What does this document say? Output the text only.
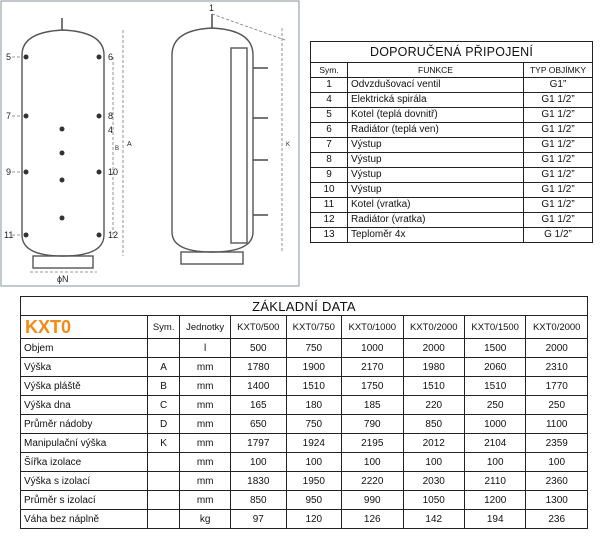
5
7
9
11
6
8
4
10
12
1
ϕN
A
B
K
DOPORUČENÁ PŘIPOJENÍ		
Sym.	FUNKCE	TYP OBJÍMKY
1	Odvzdušovací ventil	G1”
4	Elektrická spirála	G1 1/2”
5	Kotel (teplá dovnitř)	G1 1/2”
6	Radiátor (teplá ven)	G1 1/2”
7	Výstup	G1 1/2”
8	Výstup	G1 1/2”
9	Výstup	G1 1/2”
10	Výstup	G1 1/2”
11	Kotel (vratka)	G1 1/2”
12	Radiátor (vratka)	G1 1/2”
13	Teploměr 4x	G 1/2”
ZÁKLADNÍ DATA								
KXT0	Sym.	Jednotky	KXT0/500	KXT0/750	KXT0/1000	KXT0/2000	KXT0/1500	KXT0/2000
Objem		l	500	750	1000	2000	1500	2000
Výška	A	mm	1780	1900	2170	1980	2060	2310
Výška pláště	B	mm	1400	1510	1750	1510	1510	1770
Výška dna	C	mm	165	180	185	220	250	250
Průměr nádoby	D	mm	650	750	790	850	1000	1100
Manipulační výška	K	mm	1797	1924	2195	2012	2104	2359
Šířka izolace		mm	100	100	100	100	100	100
Výška s izolací		mm	1830	1950	2220	2030	2110	2360
Průměr s izolací		mm	850	950	990	1050	1200	1300
Váha bez náplně		kg	97	120	126	142	194	236
